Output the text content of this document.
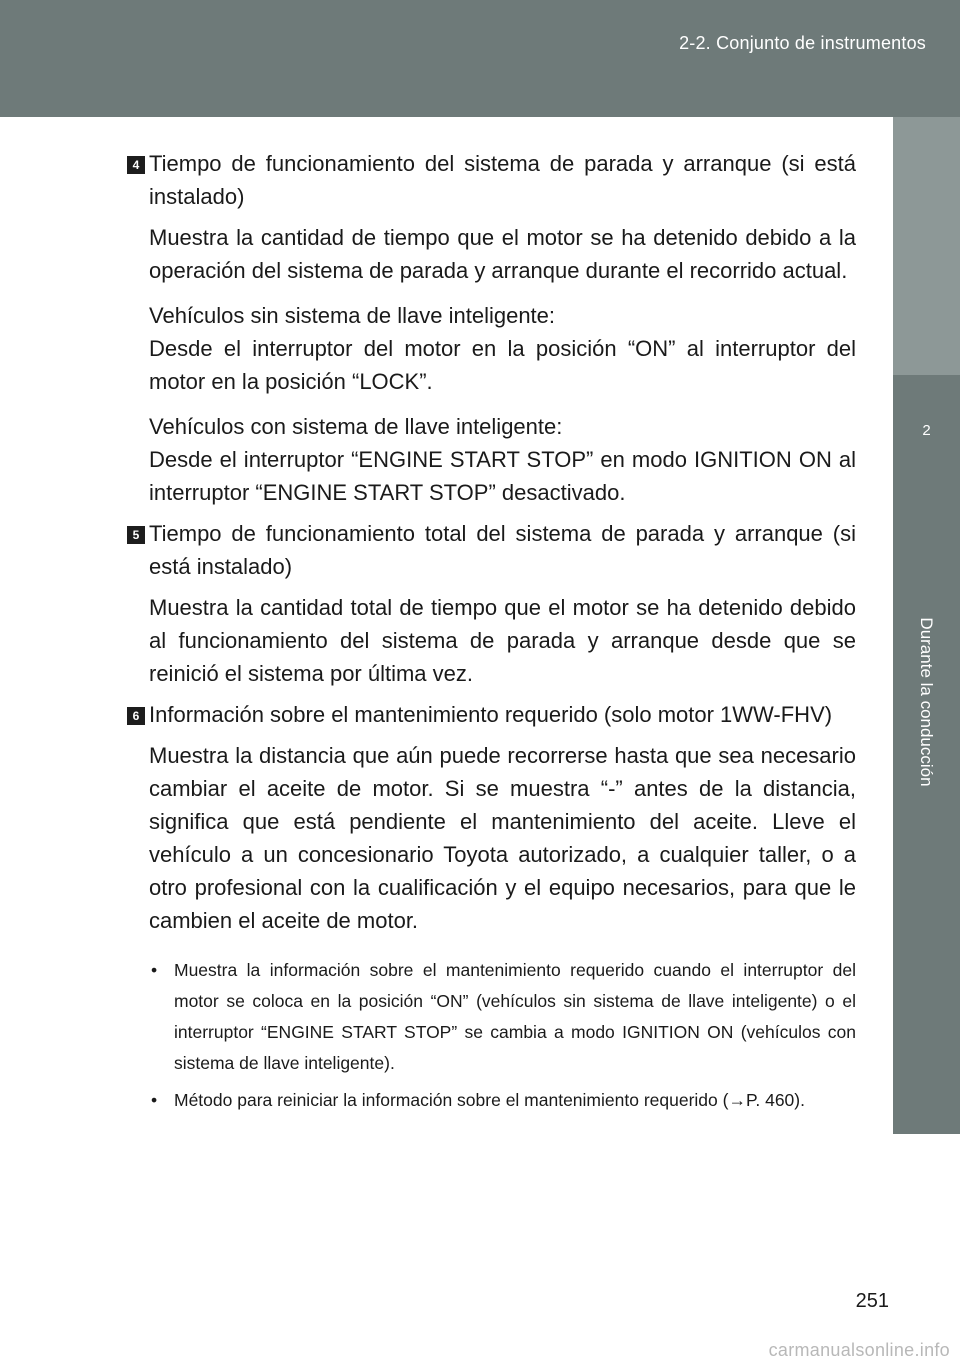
2-2. Conjunto de instrumentos
2
Durante la conducción
4 Tiempo de funcionamiento del sistema de parada y arranque (si está instalado)

Muestra la cantidad de tiempo que el motor se ha detenido debido a la operación del sistema de parada y arranque durante el recorrido actual.

Vehículos sin sistema de llave inteligente:
Desde el interruptor del motor en la posición “ON” al interruptor del motor en la posición “LOCK”.

Vehículos con sistema de llave inteligente:
Desde el interruptor “ENGINE START STOP” en modo IGNITION ON al interruptor “ENGINE START STOP” desactivado.

5 Tiempo de funcionamiento total del sistema de parada y arranque (si está instalado)

Muestra la cantidad total de tiempo que el motor se ha detenido debido al funcionamiento del sistema de parada y arranque desde que se reinició el sistema por última vez.

6 Información sobre el mantenimiento requerido (solo motor 1WW-FHV)

Muestra la distancia que aún puede recorrerse hasta que sea necesario cambiar el aceite de motor. Si se muestra “-” antes de la distancia, significa que está pendiente el mantenimiento del aceite. Lleve el vehículo a un concesionario Toyota autorizado, a cualquier taller, o a otro profesional con la cualificación y el equipo necesarios, para que le cambien el aceite de motor.

• Muestra la información sobre el mantenimiento requerido cuando el interruptor del motor se coloca en la posición “ON” (vehículos sin sistema de llave inteligente) o el interruptor “ENGINE START STOP” se cambia a modo IGNITION ON (vehículos con sistema de llave inteligente).
• Método para reiniciar la información sobre el mantenimiento requerido (→P. 460).
251
carmanualsonline.info
